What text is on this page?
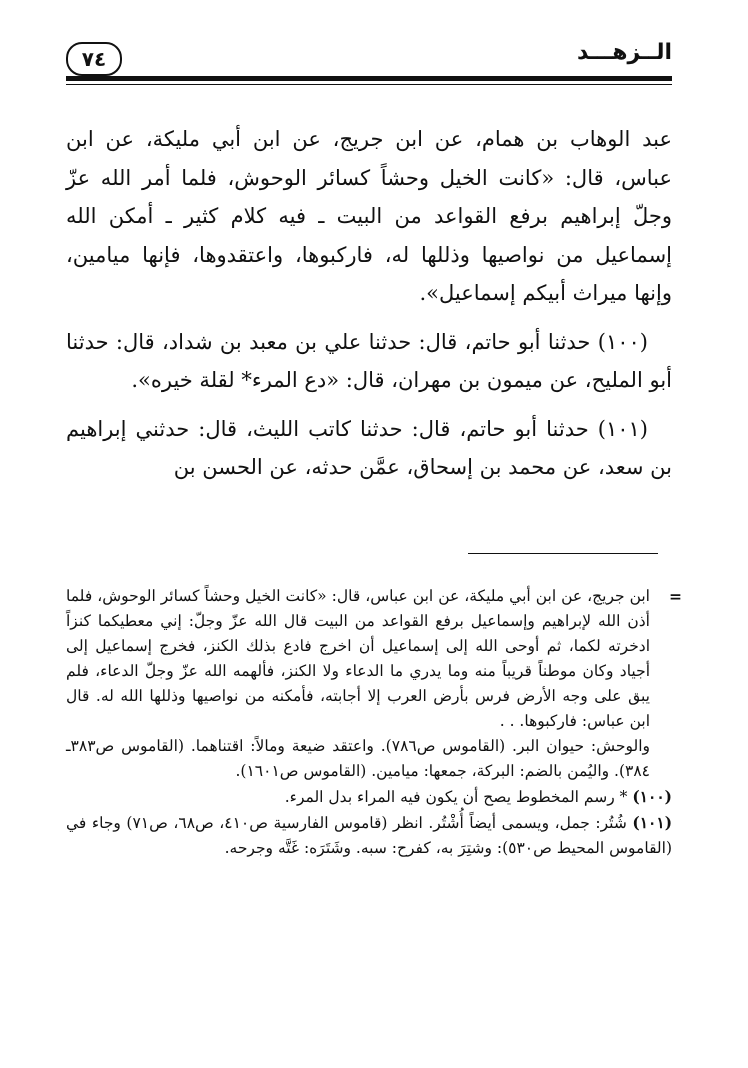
الــزهـــد
٧٤

عبد الوهاب بن همام، عن ابن جريج، عن ابن أبي مليكة، عن ابن عباس، قال: «كانت الخيل وحشاً كسائر الوحوش، فلما أمر الله عزّ وجلّ إبراهيم برفع القواعد من البيت ـ فيه كلام كثير ـ أمكن الله إسماعيل من نواصيها وذللها له، فاركبوها، واعتقدوها، فإنها ميامين، وإنها ميراث أبيكم إسماعيل».

(١٠٠) حدثنا أبو حاتم، قال: حدثنا علي بن معبد بن شداد، قال: حدثنا أبو المليح، عن ميمون بن مهران، قال: «دع المرء* لقلة خيره».

(١٠١) حدثنا أبو حاتم، قال: حدثنا كاتب الليث، قال: حدثني إبراهيم بن سعد، عن محمد بن إسحاق، عمَّن حدثه، عن الحسن بن

=
ابن جريج، عن ابن أبي مليكة، عن ابن عباس، قال: «كانت الخيل وحشاً كسائر الوحوش، فلما أذن الله لإبراهيم وإسماعيل برفع القواعد من البيت قال الله عزّ وجلّ: إني معطيكما كنزاً ادخرته لكما، ثم أوحى الله إلى إسماعيل أن اخرج فادع بذلك الكنز، فخرج إسماعيل إلى أجياد وكان موطناً قريباً منه وما يدري ما الدعاء ولا الكنز، فألهمه الله عزّ وجلّ الدعاء، فلم يبق على وجه الأرض فرس بأرض العرب إلا أجابته، فأمكنه من نواصيها وذللها الله له. قال ابن عباس: فاركبوها. . .

والوحش: حيوان البر. (القاموس ص٧٨٦). واعتقد ضيعة ومالاً: اقتناهما. (القاموس ص٣٨٣ـ ٣٨٤). واليُمن بالضم: البركة، جمعها: ميامين. (القاموس ص١٦٠١).

(١٠٠) * رسم المخطوط يصح أن يكون فيه المراء بدل المرء.

(١٠١) شُتُر: جمل، ويسمى أيضاً أُشْتُر. انظر (قاموس الفارسية ص٤١٠، ص٦٨، ص٧١) وجاء في (القاموس المحيط ص٥٣٠): وشتِرَ به، كفرح: سبه. وشَتَرَه: غَتَّه وجرحه.
